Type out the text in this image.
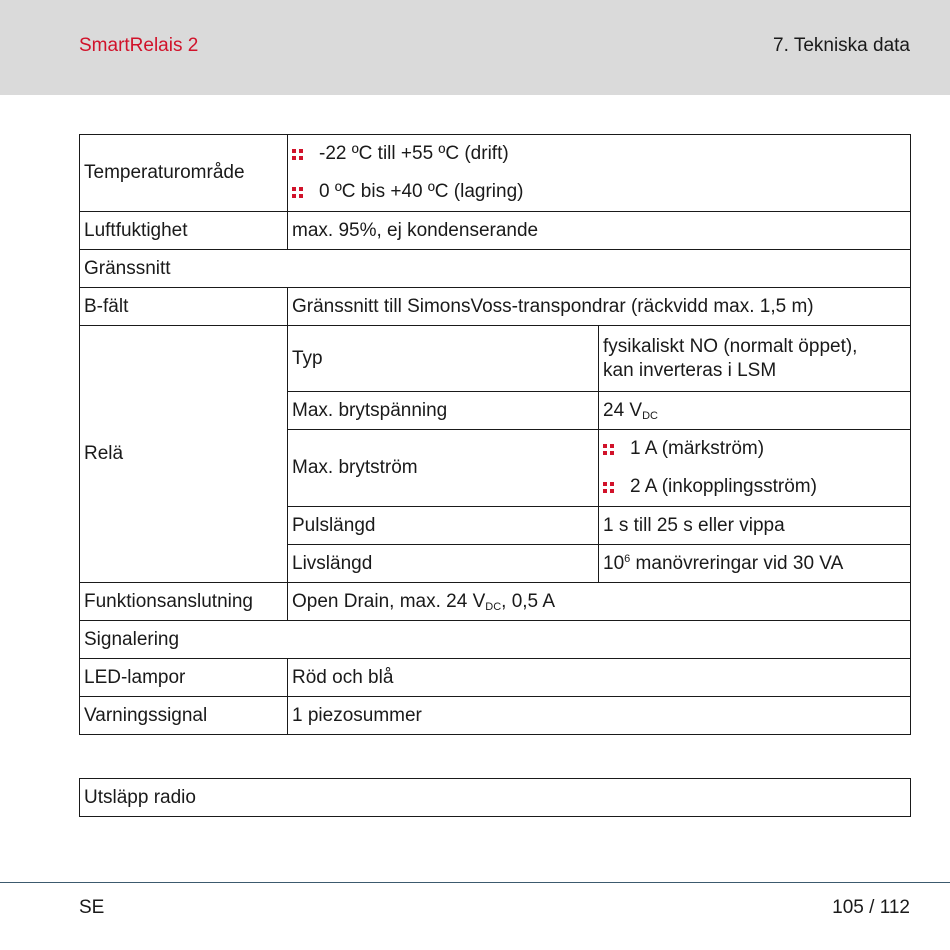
SmartRelais 2	7. Tekniska data
Temperaturområde	-22 ºC till +55 ºC (drift)
0 ºC bis +40 ºC (lagring)	

Luftfuktighet	max. 95%, ej kondenserande	
Gränssnitt		
B-fält	Gränssnitt till SimonsVoss-transpondrar (räckvidd max. 1,5 m)	
Relä	Typ	fysikaliskt NO (normalt öppet),
kan inverteras i LSM

	Max. brytspänning	24 $V_{DC}$
	Max. brytström	1 A (märkström)
2 A (inkopplingsström)

	Pulslängd	1 s till 25 s eller vippa
	Livslängd	$10^6$ manövreringar vid 30 VA
Funktionsanslutning	Open Drain, max. 24 $V_{DC}$, 0,5 A	
Signalering		
LED-lampor	Röd och blå	
Varningssignal	1 piezosummer	
Utsläpp radio
SE	105 / 112
